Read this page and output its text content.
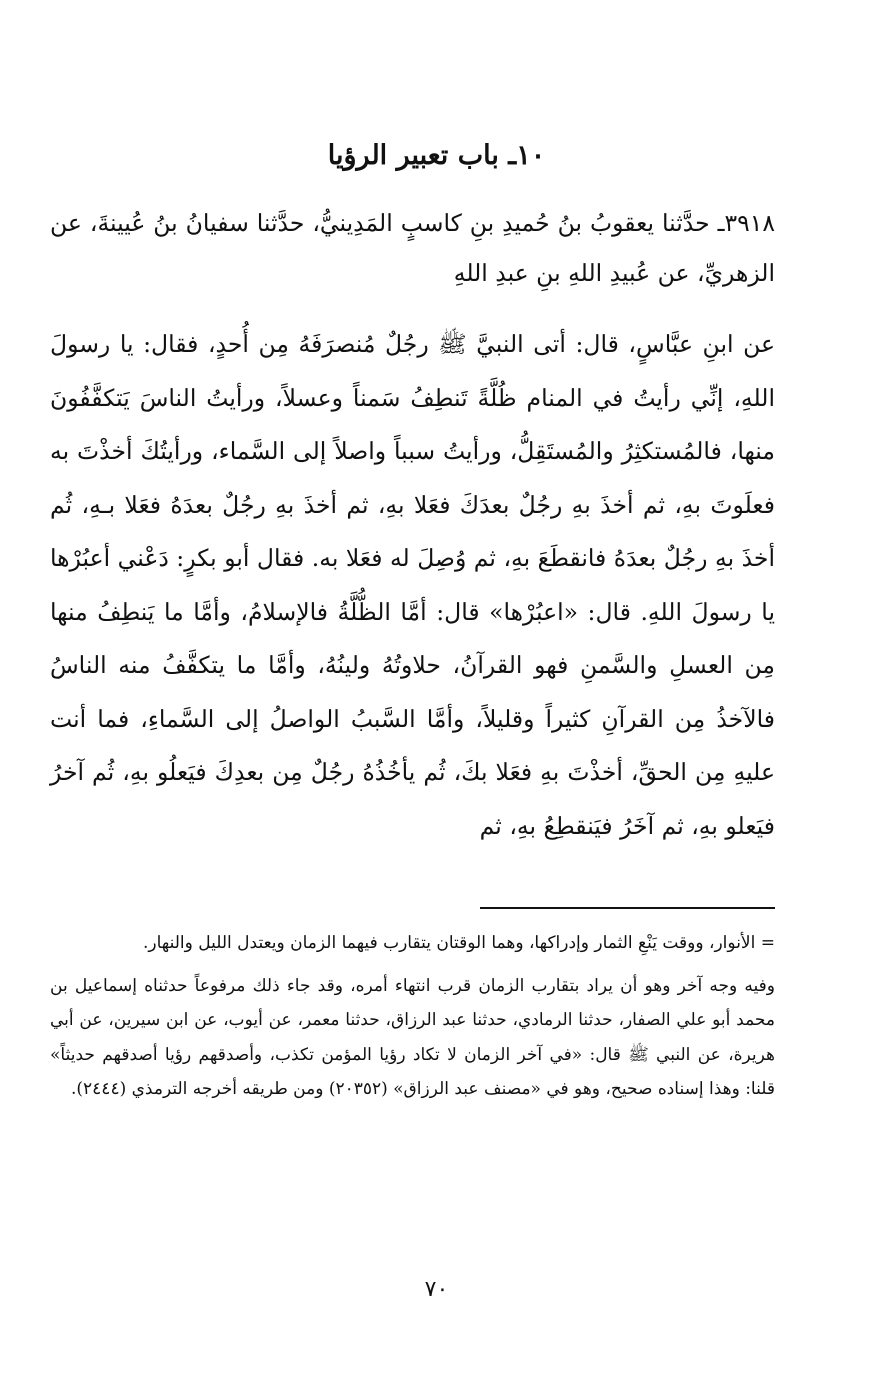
١٠ـ باب تعبير الرؤيا

٣٩١٨ـ حدَّثنا يعقوبُ بنُ حُميدِ بنِ كاسبٍ المَدِينيُّ، حدَّثنا سفيانُ بنُ عُيينةَ، عن الزهريِّ، عن عُبيدِ اللهِ بنِ عبدِ اللهِ

عن ابنِ عبَّاسٍ، قال: أتى النبيَّ ﷺ رجُلٌ مُنصرَفَهُ مِن أُحدٍ، فقال: يا رسولَ اللهِ، إنِّي رأيتُ في المنام ظُلَّةً تَنطِفُ سَمناً وعسلاً، ورأيتُ الناسَ يَتكفَّفُونَ منها، فالمُستكثِرُ والمُستَقِلُّ، ورأيتُ سبباً واصلاً إلى السَّماء، ورأيتُكَ أخذْتَ به فعلَوتَ بهِ، ثم أخذَ بهِ رجُلٌ بعدَكَ فعَلا بهِ، ثم أخذَ بهِ رجُلٌ بعدَهُ فعَلا بـهِ، ثُم أخذَ بهِ رجُلٌ بعدَهُ فانقطَعَ بهِ، ثم وُصِلَ له فعَلا به. فقال أبو بكرٍ: دَعْني أعبُرْها يا رسولَ اللهِ. قال: «اعبُرْها» قال: أمَّا الظُّلَّةُ فالإسلامُ، وأمَّا ما يَنطِفُ منها مِن العسلِ والسَّمنِ فهو القرآنُ، حلاوتُهُ ولينُهُ، وأمَّا ما يتكفَّفُ منه الناسُ فالآخذُ مِن القرآنِ كثيراً وقليلاً، وأمَّا السَّببُ الواصلُ إلى السَّماءِ، فما أنت عليهِ مِن الحقِّ، أخذْتَ بهِ فعَلا بكَ، ثُم يأخُذُهُ رجُلٌ مِن بعدِكَ فيَعلُو بهِ، ثُم آخرُ فيَعلو بهِ، ثم آخَرُ فيَنقطِعُ بهِ، ثم

= الأنوار، ووقت يَنْعِ الثمار وإدراكها، وهما الوقتان يتقارب فيهما الزمان ويعتدل الليل والنهار.

وفيه وجه آخر وهو أن يراد بتقارب الزمان قرب انتهاء أمره، وقد جاء ذلك مرفوعاً حدثناه إسماعيل بن محمد أبو علي الصفار، حدثنا الرمادي، حدثنا عبد الرزاق، حدثنا معمر، عن أيوب، عن ابن سيرين، عن أبي هريرة، عن النبي ﷺ قال: «في آخر الزمان لا تكاد رؤيا المؤمن تكذب، وأصدقهم رؤيا أصدقهم حديثاً» قلنا: وهذا إسناده صحيح، وهو في «مصنف عبد الرزاق» (٢٠٣٥٢) ومن طريقه أخرجه الترمذي (٢٤٤٤).

٧٠
